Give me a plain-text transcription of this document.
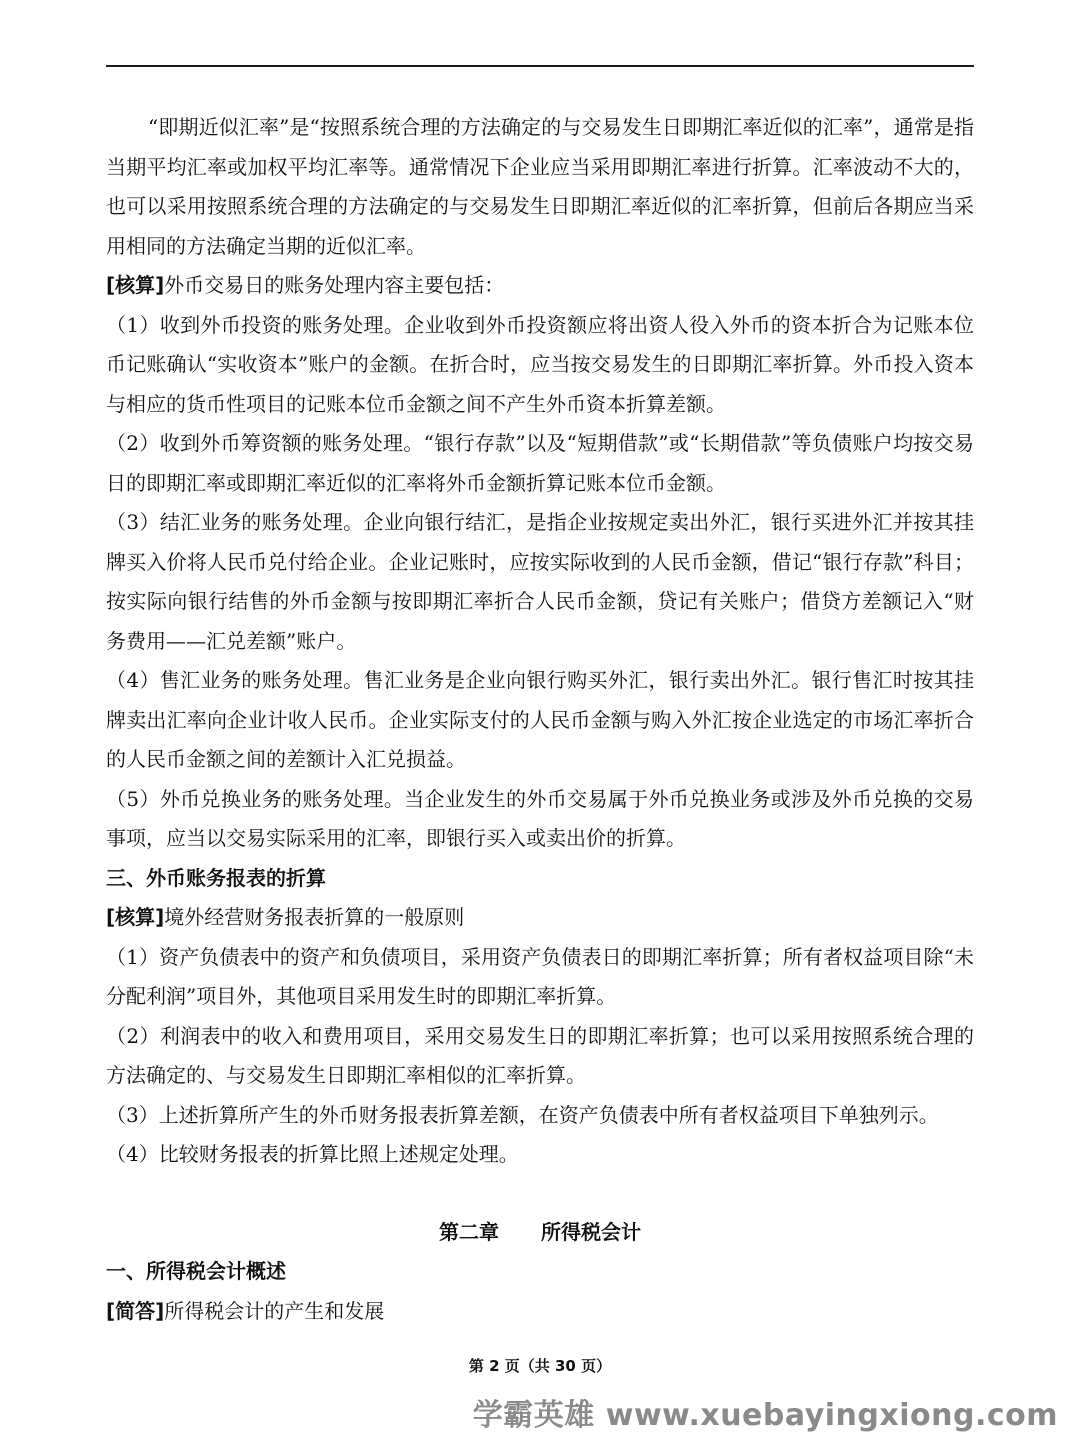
“即期近似汇率”是“按照系统合理的方法确定的与交易发生日即期汇率近似的汇率”，通常是指当期平均汇率或加权平均汇率等。通常情况下企业应当采用即期汇率进行折算。汇率波动不大的，也可以采用按照系统合理的方法确定的与交易发生日即期汇率近似的汇率折算，但前后各期应当采用相同的方法确定当期的近似汇率。

[核算]外币交易日的账务处理内容主要包括：

（1）收到外币投资的账务处理。企业收到外币投资额应将出资人役入外币的资本折合为记账本位币记账确认“实收资本”账户的金额。在折合时，应当按交易发生的日即期汇率折算。外币投入资本与相应的货币性项目的记账本位币金额之间不产生外币资本折算差额。

（2）收到外币筹资额的账务处理。“银行存款”以及“短期借款”或“长期借款”等负债账户均按交易日的即期汇率或即期汇率近似的汇率将外币金额折算记账本位币金额。

（3）结汇业务的账务处理。企业向银行结汇，是指企业按规定卖出外汇，银行买进外汇并按其挂牌买入价将人民币兑付给企业。企业记账时，应按实际收到的人民币金额，借记“银行存款”科目；按实际向银行结售的外币金额与按即期汇率折合人民币金额，贷记有关账户；借贷方差额记入“财务费用——汇兑差额”账户。

（4）售汇业务的账务处理。售汇业务是企业向银行购买外汇，银行卖出外汇。银行售汇时按其挂牌卖出汇率向企业计收人民币。企业实际支付的人民币金额与购入外汇按企业选定的市场汇率折合的人民币金额之间的差额计入汇兑损益。

（5）外币兑换业务的账务处理。当企业发生的外币交易属于外币兑换业务或涉及外币兑换的交易事项，应当以交易实际采用的汇率，即银行买入或卖出价的折算。

三、外币账务报表的折算

[核算]境外经营财务报表折算的一般原则

（1）资产负债表中的资产和负债项目，采用资产负债表日的即期汇率折算；所有者权益项目除“未分配利润”项目外，其他项目采用发生时的即期汇率折算。

（2）利润表中的收入和费用项目，采用交易发生日的即期汇率折算；也可以采用按照系统合理的方法确定的、与交易发生日即期汇率相似的汇率折算。

（3）上述折算所产生的外币财务报表折算差额，在资产负债表中所有者权益项目下单独列示。

（4）比较财务报表的折算比照上述规定处理。

第二章 所得税会计

一、所得税会计概述

[简答]所得税会计的产生和发展

第 2 页（共 30 页）
学霸英雄 www.xuebayingxiong.com
